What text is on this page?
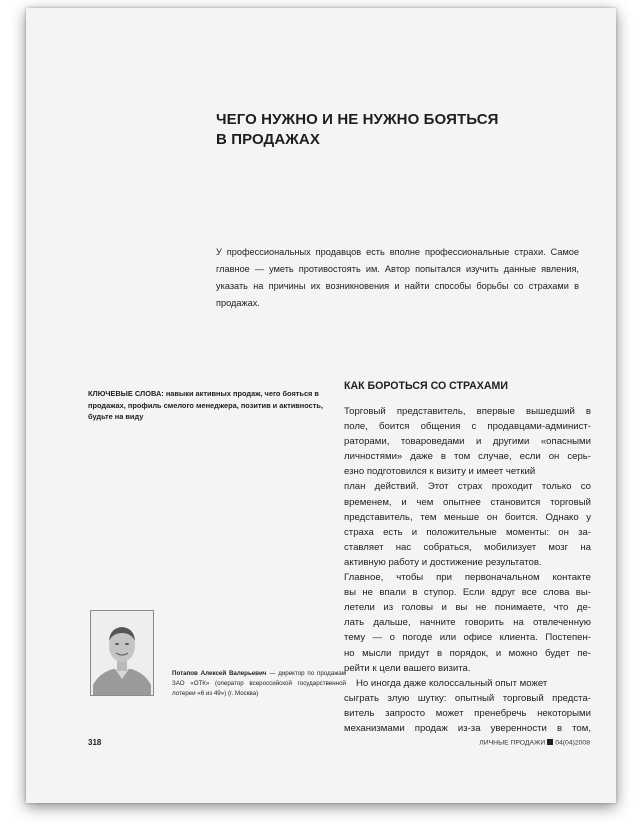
ЧЕГО НУЖНО И НЕ НУЖНО БОЯТЬСЯ
В ПРОДАЖАХ

У профессиональных продавцов есть вполне профессиональные страхи. Самое главное — уметь противостоять им. Автор попытался изучить данные явления, указать на причины их возникновения и найти способы борьбы со страхами в продажах.

КЛЮЧЕВЫЕ СЛОВА: навыки активных продаж, чего бояться в продажах, профиль смелого менеджера, позитив и активность, будьте на виду

Потапов Алексей Валерьевич — директор по продажам ЗАО «ОТК» (оператор всероссийской государственной лотереи «6 из 49») (г. Москва)

КАК БОРОТЬСЯ СО СТРАХАМИ
Торговый представитель, впервые вышедший в
поле, боится общения с продавцами-админист-
раторами, товароведами и другими «опасными
личностями» даже в том случае, если он серь-
езно подготовился к визиту и имеет четкий
план действий. Этот страх проходит только со
временем, и чем опытнее становится торговый
представитель, тем меньше он боится. Однако у
страха есть и положительные моменты: он за-
ставляет нас собраться, мобилизует мозг на
активную работу и достижение результатов.
Главное, чтобы при первоначальном контакте
вы не впали в ступор. Если вдруг все слова вы-
летели из головы и вы не понимаете, что де-
лать дальше, начните говорить на отвлеченную
тему — о погоде или офисе клиента. Постепен-
но мысли придут в порядок, и можно будет пе-
рейти к цели вашего визита.
Но иногда даже колоссальный опыт может
сыграть злую шутку: опытный торговый предста-
витель запросто может пренебречь некоторыми
механизмами продаж из-за уверенности в том,

318	ЛИЧНЫЕ ПРОДАЖИ 04(04)2008
